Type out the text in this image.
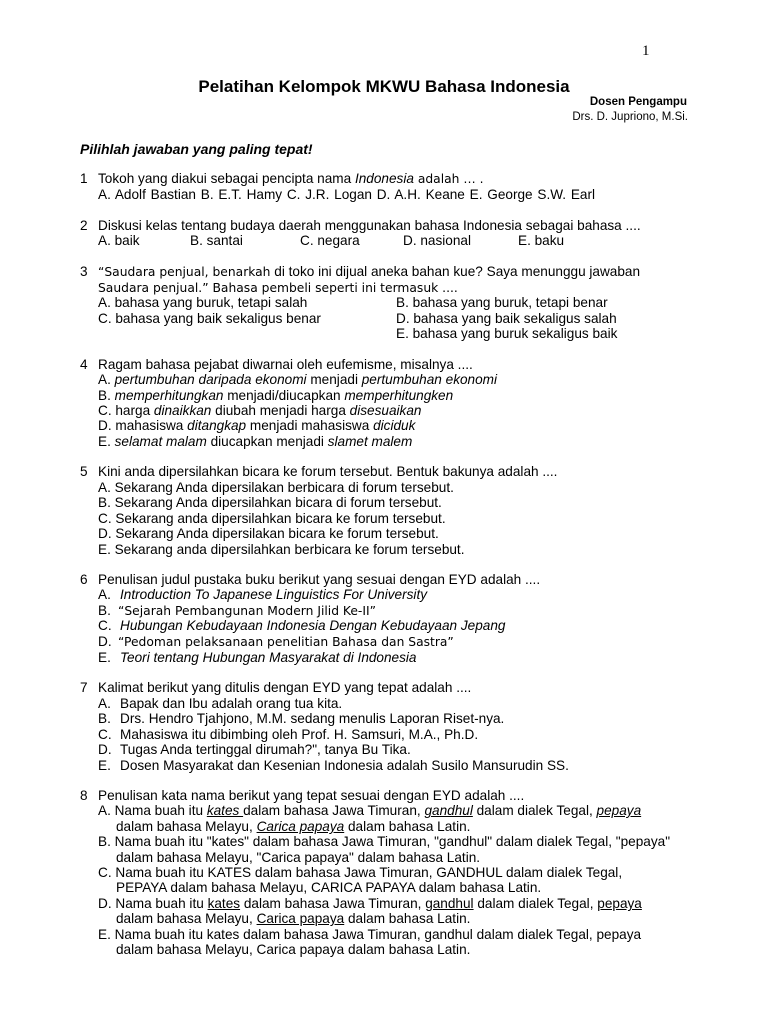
1
Pelatihan Kelompok MKWU Bahasa Indonesia
Dosen Pengampu
Drs. D. Jupriono, M.Si.
Pilihlah jawaban yang paling tepat!
1 Tokoh yang diakui sebagai pencipta nama Indonesia adalah … .
A. Adolf Bastian B. E.T. Hamy C. J.R. Logan D. A.H. Keane E. George S.W. Earl
2 Diskusi kelas tentang budaya daerah menggunakan bahasa Indonesia sebagai bahasa ....
A. baik	B. santai	C. negara	D. nasional	E. baku
3 “Saudara penjual, benarkah di toko ini dijual aneka bahan kue? Saya menunggu jawaban
Saudara penjual.” Bahasa pembeli seperti ini termasuk ....
A. bahasa yang buruk, tetapi salah	B. bahasa yang buruk, tetapi benar
C. bahasa yang baik sekaligus benar	D. bahasa yang baik sekaligus salah
E. bahasa yang buruk sekaligus baik
4 Ragam bahasa pejabat diwarnai oleh eufemisme, misalnya ....
A. pertumbuhan daripada ekonomi menjadi pertumbuhan ekonomi
B. memperhitungkan menjadi/diucapkan memperhitungken
C. harga dinaikkan diubah menjadi harga disesuaikan
D. mahasiswa ditangkap menjadi mahasiswa diciduk
E. selamat malam diucapkan menjadi slamet malem
5 Kini anda dipersilahkan bicara ke forum tersebut. Bentuk bakunya adalah ....
A. Sekarang Anda dipersilakan berbicara di forum tersebut.
B. Sekarang Anda dipersilahkan bicara di forum tersebut.
C. Sekarang anda dipersilahkan bicara ke forum tersebut.
D. Sekarang Anda dipersilakan bicara ke forum tersebut.
E. Sekarang anda dipersilahkan berbicara ke forum tersebut.
6 Penulisan judul pustaka buku berikut yang sesuai dengan EYD adalah ....
A. Introduction To Japanese Linguistics For University
B. “Sejarah Pembangunan Modern Jilid Ke-II”
C. Hubungan Kebudayaan Indonesia Dengan Kebudayaan Jepang
D. “Pedoman pelaksanaan penelitian Bahasa dan Sastra”
E. Teori tentang Hubungan Masyarakat di Indonesia
7 Kalimat berikut yang ditulis dengan EYD yang tepat adalah ....
A. Bapak dan Ibu adalah orang tua kita.
B. Drs. Hendro Tjahjono, M.M. sedang menulis Laporan Riset-nya.
C. Mahasiswa itu dibimbing oleh Prof. H. Samsuri, M.A., Ph.D.
D. Tugas Anda tertinggal dirumah?", tanya Bu Tika.
E. Dosen Masyarakat dan Kesenian Indonesia adalah Susilo Mansurudin SS.
8 Penulisan kata nama berikut yang tepat sesuai dengan EYD adalah ....
A. Nama buah itu kates dalam bahasa Jawa Timuran, gandhul dalam dialek Tegal, pepaya
dalam bahasa Melayu, Carica papaya dalam bahasa Latin.
B. Nama buah itu "kates" dalam bahasa Jawa Timuran, "gandhul" dalam dialek Tegal, "pepaya"
dalam bahasa Melayu, "Carica papaya" dalam bahasa Latin.
C. Nama buah itu KATES dalam bahasa Jawa Timuran, GANDHUL dalam dialek Tegal,
PEPAYA dalam bahasa Melayu, CARICA PAPAYA dalam bahasa Latin.
D. Nama buah itu kates dalam bahasa Jawa Timuran, gandhul dalam dialek Tegal, pepaya
dalam bahasa Melayu, Carica papaya dalam bahasa Latin.
E. Nama buah itu kates dalam bahasa Jawa Timuran, gandhul dalam dialek Tegal, pepaya
dalam bahasa Melayu, Carica papaya dalam bahasa Latin.
